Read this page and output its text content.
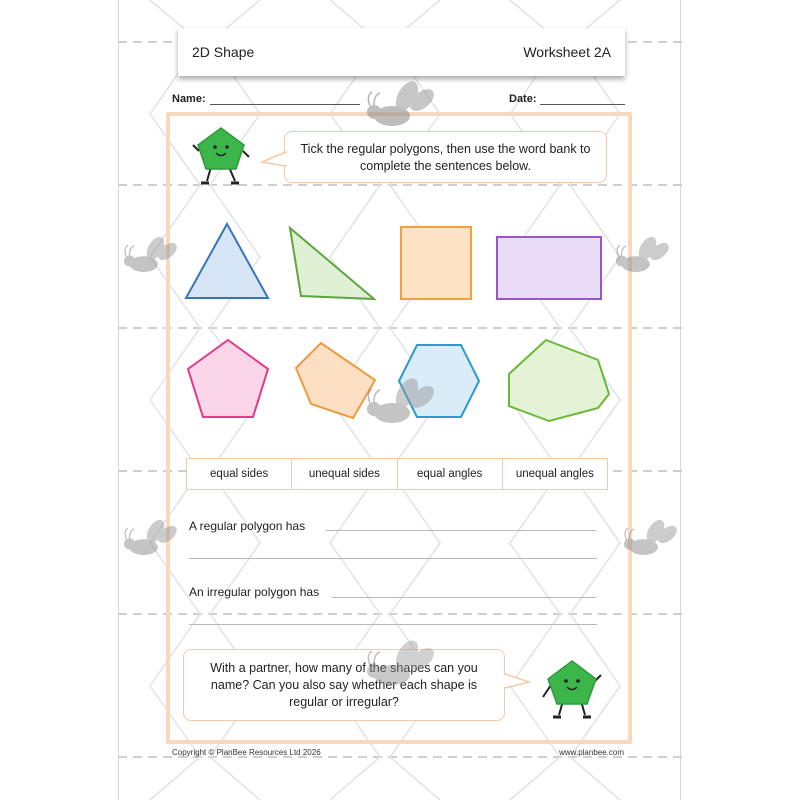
2D Shape	Worksheet 2A
Name:	Date:
Tick the regular polygons, then use the word bank to complete the sentences below.
equal sides	unequal sides	equal angles	unequal angles
A regular polygon has
An irregular polygon has
With a partner, how many of the shapes can you name? Can you also say whether each shape is regular or irregular?
Copyright © PlanBee Resources Ltd 2026	www.planbee.com
